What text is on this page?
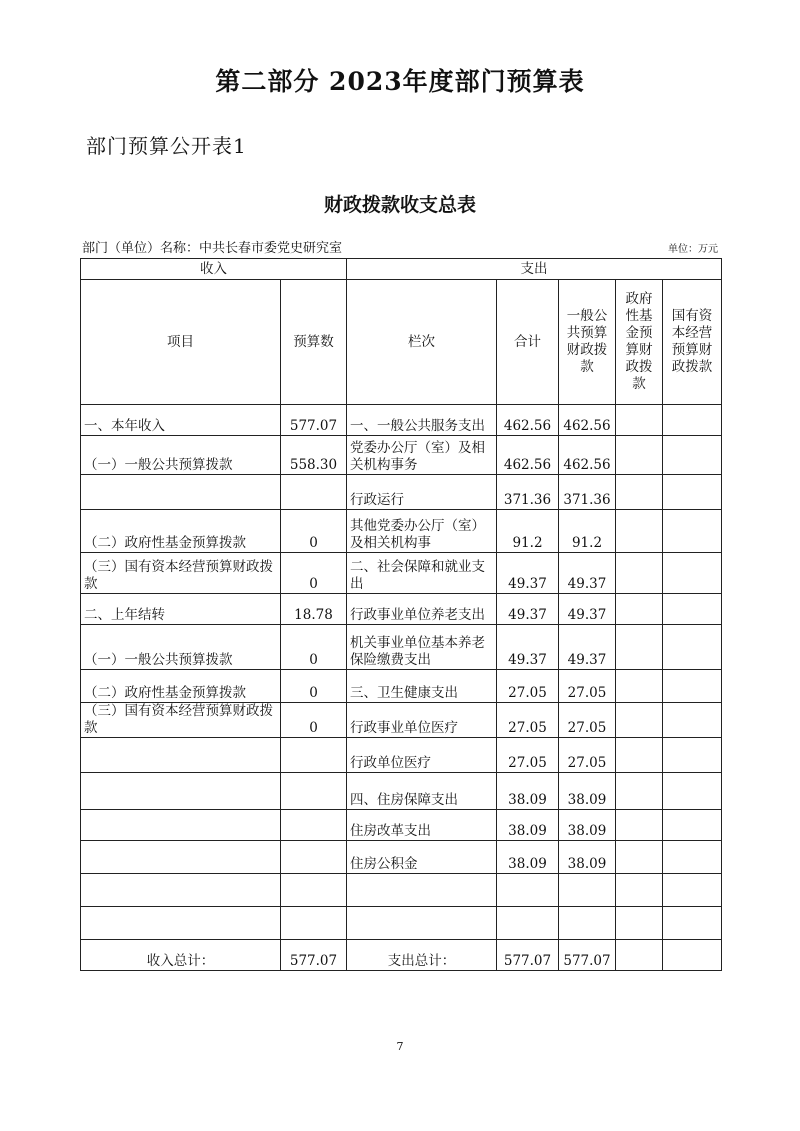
第二部分 2023年度部门预算表
部门预算公开表1
财政拨款收支总表
部门（单位）名称：中共长春市委党史研究室	单位：万元
收入		支出				
项目	预算数	栏次	合计	一般公共预算财政拨款	政府性基金预算财政拨款	国有资本经营预算财政拨款
一、本年收入	577.07	一、一般公共服务支出	462.56	462.56		
（一）一般公共预算拨款	558.30	党委办公厅（室）及相关机构事务	462.56	462.56		
		行政运行	371.36	371.36		
（二）政府性基金预算拨款	0	其他党委办公厅（室）及相关机构事	91.2	91.2		
（三）国有资本经营预算财政拨款	0	二、社会保障和就业支出	49.37	49.37		
二、上年结转	18.78	行政事业单位养老支出	49.37	49.37		
（一）一般公共预算拨款	0	机关事业单位基本养老保险缴费支出	49.37	49.37		
（二）政府性基金预算拨款	0	三、卫生健康支出	27.05	27.05		
（三）国有资本经营预算财政拨款	0	行政事业单位医疗	27.05	27.05		
		行政单位医疗	27.05	27.05		
		四、住房保障支出	38.09	38.09		
		住房改革支出	38.09	38.09		
		住房公积金	38.09	38.09		

收入总计：	577.07	支出总计：	577.07	577.07		
7
